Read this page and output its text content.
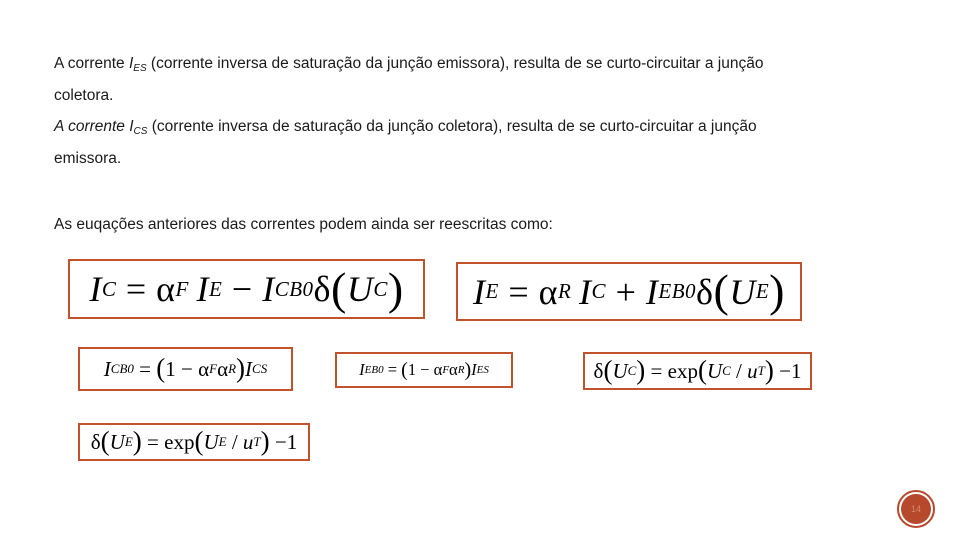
A corrente $I_{ES}$ (corrente inversa de saturação da junção emissora), resulta de se curto-circuitar a junção
coletora.
A corrente $I_{CS}$ (corrente inversa de saturação da junção coletora), resulta de se curto-circuitar a junção
emissora.
As euqações anteriores das correntes podem ainda ser reescritas como:
I C = α F  I E − I CB0 δ ( U C ) I E = α R  I C + I EB0 δ ( U E )
I CB0 = ( 1 − α F α R ) I CS	I EB0 = ( 1 − α F α R ) I ES	δ ( U C ) = exp ( U C / u T ) −1
δ ( U E ) = exp ( U E / u T ) −1
14
